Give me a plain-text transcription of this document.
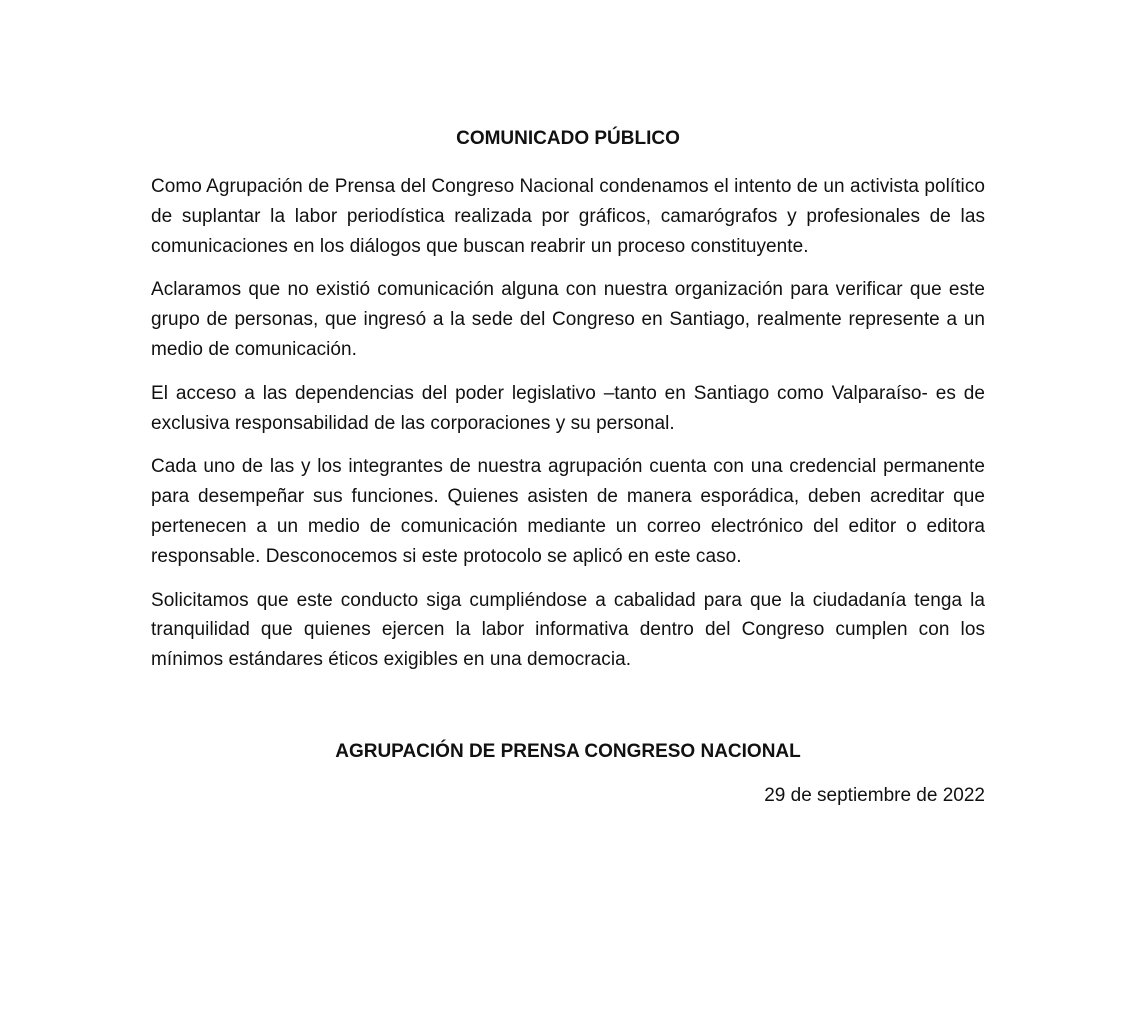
COMUNICADO PÚBLICO

Como Agrupación de Prensa del Congreso Nacional condenamos el intento de un activista político de suplantar la labor periodística realizada por gráficos, camarógrafos y profesionales de las comunicaciones en los diálogos que buscan reabrir un proceso constituyente.

Aclaramos que no existió comunicación alguna con nuestra organización para verificar que este grupo de personas, que ingresó a la sede del Congreso en Santiago, realmente represente a un medio de comunicación.

El acceso a las dependencias del poder legislativo –tanto en Santiago como Valparaíso- es de exclusiva responsabilidad de las corporaciones y su personal.

Cada uno de las y los integrantes de nuestra agrupación cuenta con una credencial permanente para desempeñar sus funciones. Quienes asisten de manera esporádica, deben acreditar que pertenecen a un medio de comunicación mediante un correo electrónico del editor o editora responsable. Desconocemos si este protocolo se aplicó en este caso.

Solicitamos que este conducto siga cumpliéndose a cabalidad para que la ciudadanía tenga la tranquilidad que quienes ejercen la labor informativa dentro del Congreso cumplen con los mínimos estándares éticos exigibles en una democracia.

AGRUPACIÓN DE PRENSA CONGRESO NACIONAL
29 de septiembre de 2022
